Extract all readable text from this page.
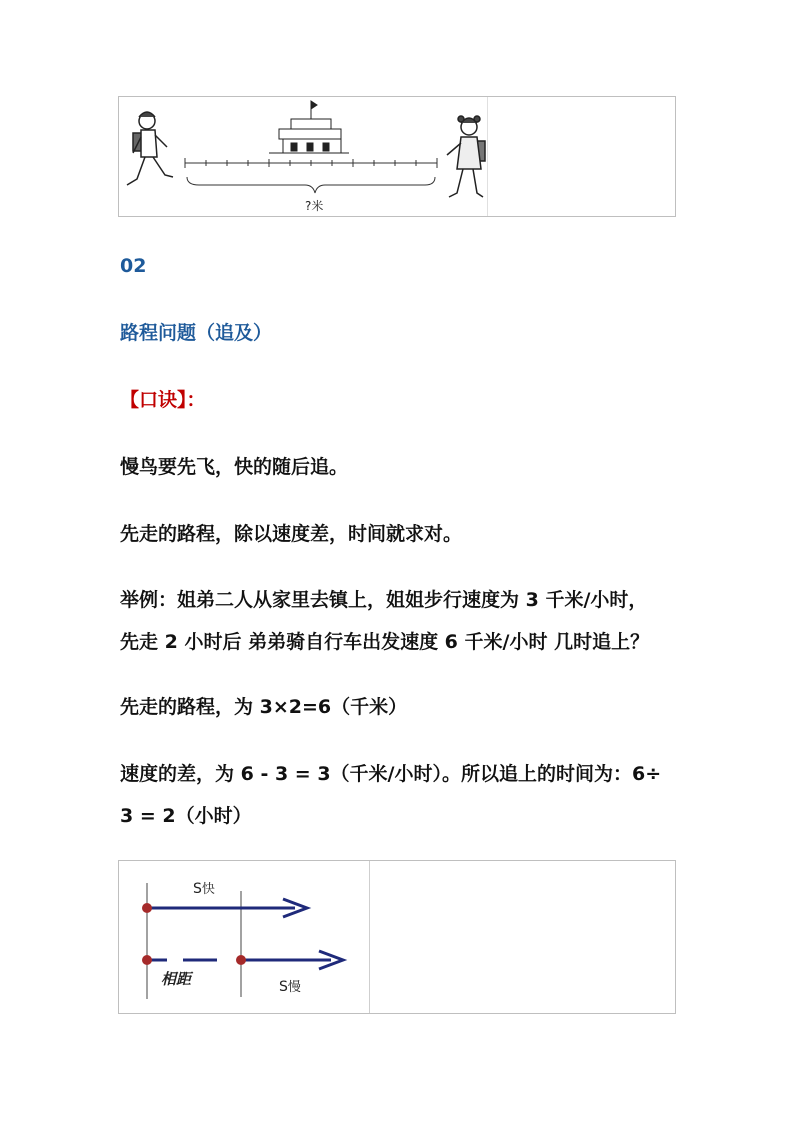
?米

02

路程问题（追及）

【口诀】：

慢鸟要先飞，快的随后追。

先走的路程，除以速度差，时间就求对。

举例：姐弟二人从家里去镇上，姐姐步行速度为 3 千米/小时，

先走 2 小时后 弟弟骑自行车出发速度 6 千米/小时 几时追上？

先走的路程，为 3×2=6（千米）

速度的差，为 6 - 3 = 3（千米/小时）。所以追上的时间为：6÷

3 = 2（小时）

S快
相距	S慢
